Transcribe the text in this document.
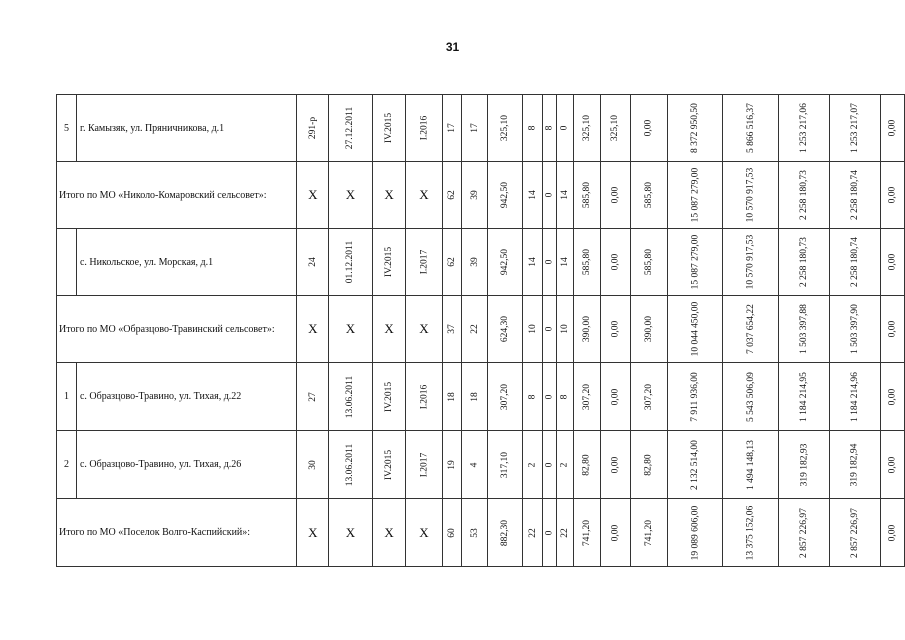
31
5	г. Камызяк, ул. Пряничникова, д.1	291-р	27.12.2011	IV.2015	I.2016	17	17	325,10	8	8	0	325,10	325,10	0,00	8 372 950,50	5 866 516,37	1 253 217,06	1 253 217,07	0,00
Итого по МО «Николо-Комаровский сельсовет»:		Х	Х	Х	Х	62	39	942,50	14	0	14	585,80	0,00	585,80	15 087 279,00	10 570 917,53	2 258 180,73	2 258 180,74	0,00
	с. Никольское, ул. Морская, д.1	24	01.12.2011	IV.2015	I.2017	62	39	942,50	14	0	14	585,80	0,00	585,80	15 087 279,00	10 570 917,53	2 258 180,73	2 258 180,74	0,00
Итого по МО «Образцово-Травинский сельсовет»:		Х	Х	Х	Х	37	22	624,30	10	0	10	390,00	0,00	390,00	10 044 450,00	7 037 654,22	1 503 397,88	1 503 397,90	0,00
1	с. Образцово-Травино, ул. Тихая, д.22	27	13.06.2011	IV.2015	I.2016	18	18	307,20	8	0	8	307,20	0,00	307,20	7 911 936,00	5 543 506,09	1 184 214,95	1 184 214,96	0,00
2	с. Образцово-Травино, ул. Тихая, д.26	30	13.06.2011	IV.2015	I.2017	19	4	317,10	2	0	2	82,80	0,00	82,80	2 132 514,00	1 494 148,13	319 182,93	319 182,94	0,00
Итого по МО «Поселок Волго-Каспийский»:		Х	Х	Х	Х	60	53	882,30	22	0	22	741,20	0,00	741,20	19 089 606,00	13 375 152,06	2 857 226,97	2 857 226,97	0,00
